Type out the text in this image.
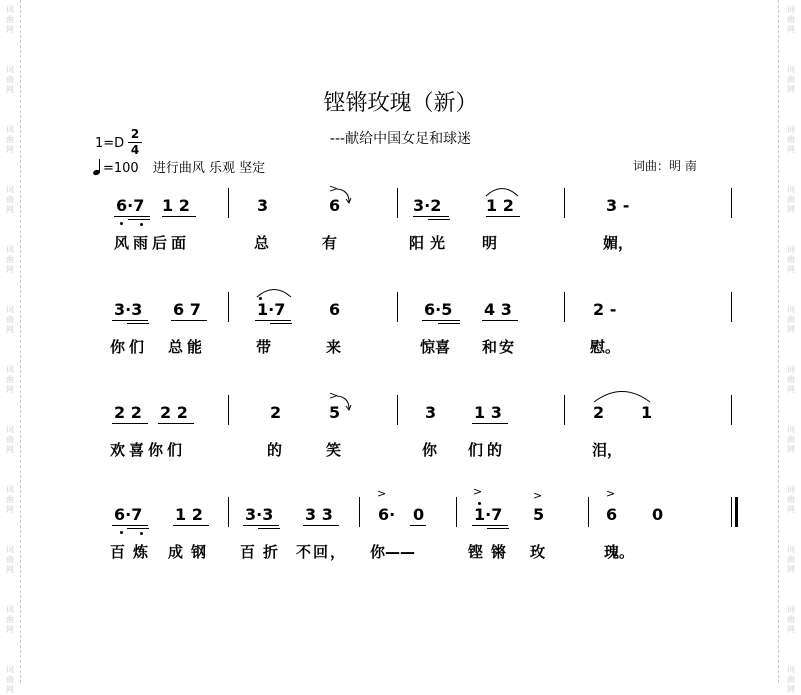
词曲网
词曲网
词曲网
词曲网
词曲网
词曲网
词曲网
词曲网
词曲网
词曲网
词曲网
词曲网
词曲网
词曲网
词曲网
词曲网
词曲网
词曲网
词曲网
词曲网
词曲网
词曲网
词曲网
词曲网
铿锵玫瑰（新）
---献给中国女足和球迷
1=D
2
4
=100 进行曲风 乐观 坚定	词曲：明 南
6·7 1 2	3	6	3·2	1 2	3 -
>
风雨后面	总	有	阳光 明	媚，
3·3 6 7	1·7	6	6·5 4 3	2 -
你们 总能	带	来	惊喜 和安	慰。
2 2 2 2	2	5	3 1 3	2 1
>
欢喜你们	的	笑	你 们的	泪，
6·7 1 2	3·3 3 3	6· 0	1·7 5	6 0
>	>	>	>
百炼 成钢 百折 不回， 你——	铿锵 玫	瑰。
